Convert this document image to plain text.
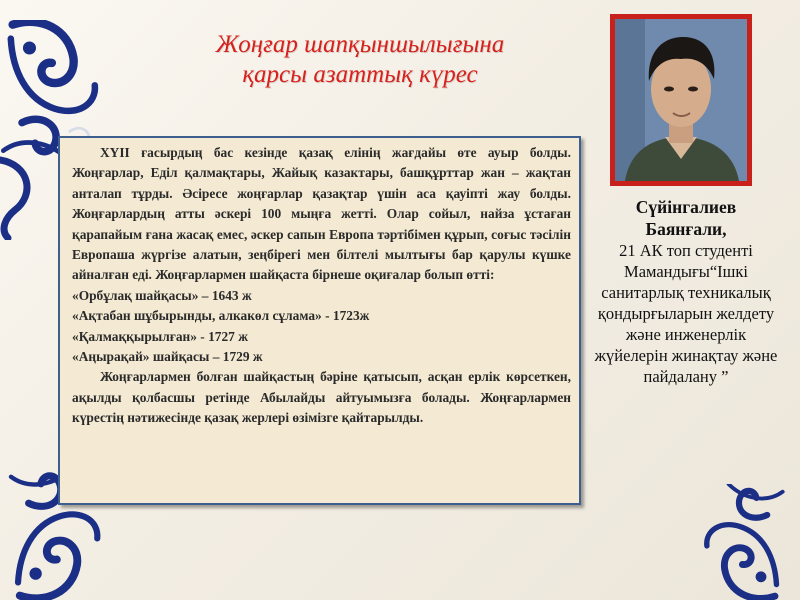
Жоңғар шапқыншылығына
қарсы азаттық күрес

XYII ғасырдың бас кезінде қазақ елінің жағдайы өте ауыр болды. Жоңғарлар, Еділ қалмақтары, Жайық казактары, башқұрттар жан – жақтан анталап тұрды. Әсіресе жоңғарлар қазақтар үшін аса қауіпті жау болды. Жоңғарлардың атты әскері 100 мыңға жетті. Олар сойыл, найза ұстаған қарапайым ғана жасақ емес, әскер сапын Европа тәртібімен құрып, соғыс тәсілін Европаша жүргізе алатын, зеңбірегі мен білтелі мылтығы бар қарулы күшке айналған еді. Жоңғарлармен шайқаста бірнеше оқиғалар болып өтті:

«Орбұлақ шайқасы» – 1643 ж

«Ақтабан шұбырынды, алкакөл сұлама» - 1723ж

«Қалмаққырылған» - 1727 ж

«Аңырақай» шайқасы – 1729 ж

Жоңғарлармен болған шайқастың бәріне қатысып, асқан ерлік көрсеткен, ақылды қолбасшы ретінде Абылайды айтуымызға болады. Жоңғарлармен күрестің нәтижесінде қазақ жерлері өзімізге қайтарылды.

Сүйінгалиев
Баянғали,
21 АК топ студенті Мамандығы“Ішкі санитарлық техникалық қондырғыларын желдету және инженерлік жүйелерін жинақтау және пайдалану ”
